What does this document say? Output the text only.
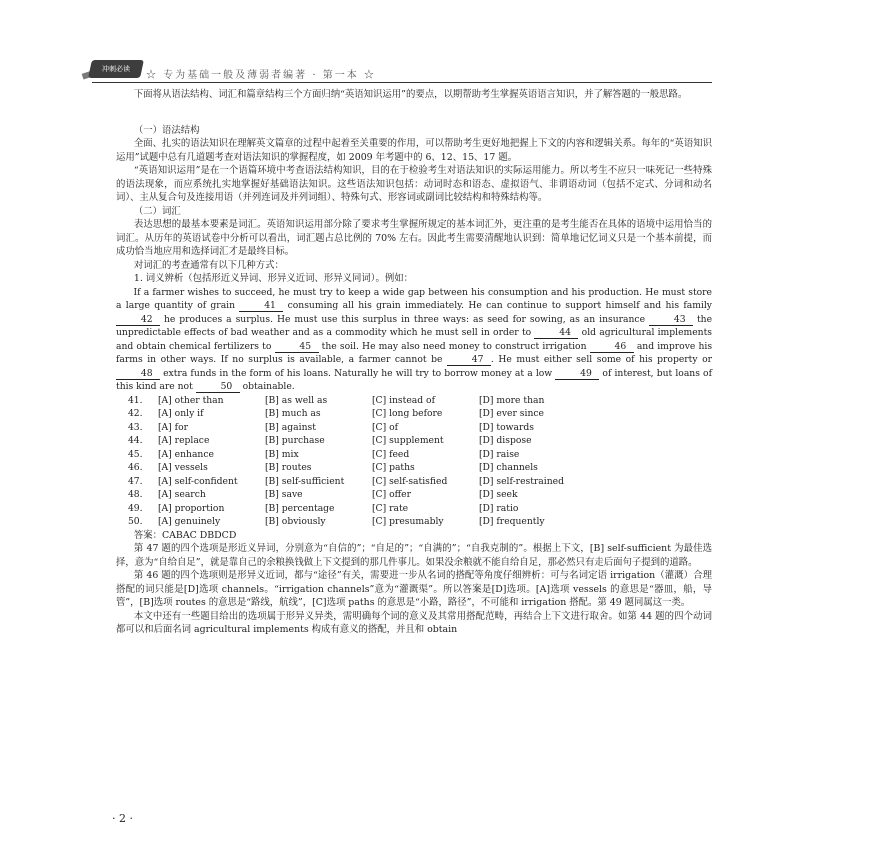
冲刺必读
☆ 专为基础一般及薄弱者编著 · 第一本 ☆

下面将从语法结构、词汇和篇章结构三个方面归纳“英语知识运用”的要点，以期帮助考生掌握英语语言知识，并了解答题的一般思路。

（一）语法结构

全面、扎实的语法知识在理解英文篇章的过程中起着至关重要的作用，可以帮助考生更好地把握上下文的内容和逻辑关系。每年的“英语知识运用”试题中总有几道题考查对语法知识的掌握程度，如 2009 年考题中的 6、12、15、17 题。

“英语知识运用”是在一个语篇环境中考查语法结构知识，目的在于检验考生对语法知识的实际运用能力。所以考生不应只一味死记一些特殊的语法现象，而应系统扎实地掌握好基础语法知识。这些语法知识包括：动词时态和语态、虚拟语气、非谓语动词（包括不定式、分词和动名词）、主从复合句及连接用语（并列连词及并列词组）、特殊句式、形容词或副词比较结构和特殊结构等。

（二）词汇

表达思想的最基本要素是词汇。英语知识运用部分除了要求考生掌握所规定的基本词汇外，更注重的是考生能否在具体的语境中运用恰当的词汇。从历年的英语试卷中分析可以看出，词汇题占总比例的 70% 左右。因此考生需要清醒地认识到：简单地记忆词义只是一个基本前提，而成功恰当地应用和选择词汇才是最终目标。

对词汇的考查通常有以下几种方式：

1. 词义辨析（包括形近义异词、形异义近词、形异义同词）。例如：

If a farmer wishes to succeed, he must try to keep a wide gap between his consumption and his production. He must store a large quantity of grain	41 consuming all his grain immediately. He can continue to support himself and his family 42 he produces a surplus. He must use this surplus in three ways: as seed for sowing, as an insurance	43 the unpredictable effects of bad weather and as a commodity which he must sell in order to	44 old agricultural implements and obtain chemical fertilizers to	45 the soil. He may also need money to construct irrigation	46 and improve his farms in other ways. If no surplus is available, a farmer cannot be	47 . He must either sell some of his property or 48 extra funds in the form of his loans. Naturally he will try to borrow money at a low	49 of interest, but loans of this kind are not	50 obtainable.

41.	[A] other than	[B] as well as	[C] instead of	[D] more than
42.	[A] only if	[B] much as	[C] long before	[D] ever since
43.	[A] for	[B] against	[C] of	[D] towards
44.	[A] replace	[B] purchase	[C] supplement	[D] dispose
45.	[A] enhance	[B] mix	[C] feed	[D] raise
46.	[A] vessels	[B] routes	[C] paths	[D] channels
47.	[A] self-confident	[B] self-sufficient	[C] self-satisfied	[D] self-restrained
48.	[A] search	[B] save	[C] offer	[D] seek
49.	[A] proportion	[B] percentage	[C] rate	[D] ratio
50.	[A] genuinely	[B] obviously	[C] presumably	[D] frequently

答案：CABAC DBDCD

第 47 题的四个选项是形近义异词，分别意为“自信的”；“自足的”；“自满的”；“自我克制的”。根据上下文，[B] self-sufficient 为最佳选择，意为“自给自足”，就是靠自己的余粮换钱做上下文提到的那几件事儿。如果没余粮就不能自给自足，那必然只有走后面句子提到的道路。

第 46 题的四个选项则是形异义近词，都与“途径”有关，需要进一步从名词的搭配等角度仔细辨析：可与名词定语 irrigation（灌溉）合理搭配的词只能是[D]选项 channels。“irrigation channels”意为“灌溉渠”。所以答案是[D]选项。[A]选项 vessels 的意思是“器皿，船，导管”，[B]选项 routes 的意思是“路线，航线”，[C]选项 paths 的意思是“小路，路径”，不可能和 irrigation 搭配。第 49 题同属这一类。

本文中还有一些题目给出的选项属于形异义异类，需明确每个词的意义及其常用搭配范畴，再结合上下文进行取舍。如第 44 题的四个动词都可以和后面名词 agricultural implements 构成有意义的搭配，并且和 obtain

· 2 ·
